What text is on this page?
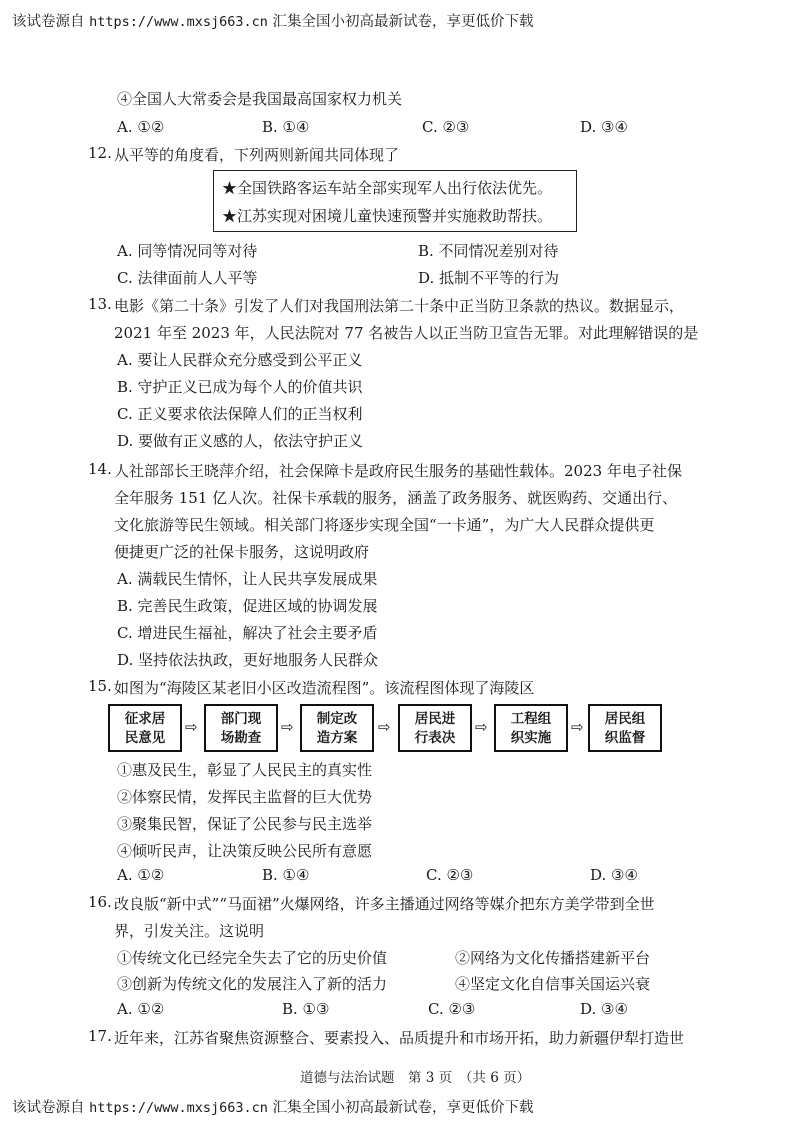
该试卷源自 https://www.mxsj663.cn 汇集全国小初高最新试卷，享更低价下载
④全国人大常委会是我国最高国家权力机关
A. ①②	B. ①④	C. ②③	D. ③④
12. 从平等的角度看，下列两则新闻共同体现了
★全国铁路客运车站全部实现军人出行依法优先。
★江苏实现对困境儿童快速预警并实施救助帮扶。
A. 同等情况同等对待	B. 不同情况差别对待
C. 法律面前人人平等	D. 抵制不平等的行为
13. 电影《第二十条》引发了人们对我国刑法第二十条中正当防卫条款的热议。数据显示，
2021 年至 2023 年，人民法院对 77 名被告人以正当防卫宣告无罪。对此理解错误的是
A. 要让人民群众充分感受到公平正义
B. 守护正义已成为每个人的价值共识
C. 正义要求依法保障人们的正当权利
D. 要做有正义感的人，依法守护正义
14. 人社部部长王晓萍介绍，社会保障卡是政府民生服务的基础性载体。2023 年电子社保
全年服务 151 亿人次。社保卡承载的服务，涵盖了政务服务、就医购药、交通出行、
文化旅游等民生领域。相关部门将逐步实现全国“一卡通”，为广大人民群众提供更
便捷更广泛的社保卡服务，这说明政府
A. 满载民生情怀，让人民共享发展成果
B. 完善民生政策，促进区域的协调发展
C. 增进民生福祉，解决了社会主要矛盾
D. 坚持依法执政，更好地服务人民群众
15. 如图为“海陵区某老旧小区改造流程图”。该流程图体现了海陵区
征求居
民意见
⇨	部门现
场勘查
⇨	制定改
造方案
⇨	居民进
行表决
⇨	工程组
织实施
⇨	居民组
织监督
①惠及民生，彰显了人民民主的真实性
②体察民情，发挥民主监督的巨大优势
③聚集民智，保证了公民参与民主选举
④倾听民声，让决策反映公民所有意愿
A. ①②	B. ①④	C. ②③	D. ③④
16. 改良版“新中式”“马面裙”火爆网络，许多主播通过网络等媒介把东方美学带到全世
界，引发关注。这说明
①传统文化已经完全失去了它的历史价值	②网络为文化传播搭建新平台
③创新为传统文化的发展注入了新的活力	④坚定文化自信事关国运兴衰
A. ①②	B. ①③	C. ②③	D. ③④
17. 近年来，江苏省聚焦资源整合、要素投入、品质提升和市场开拓，助力新疆伊犁打造世
道德与法治试题　第 3 页　（共 6 页）
该试卷源自 https://www.mxsj663.cn 汇集全国小初高最新试卷，享更低价下载
